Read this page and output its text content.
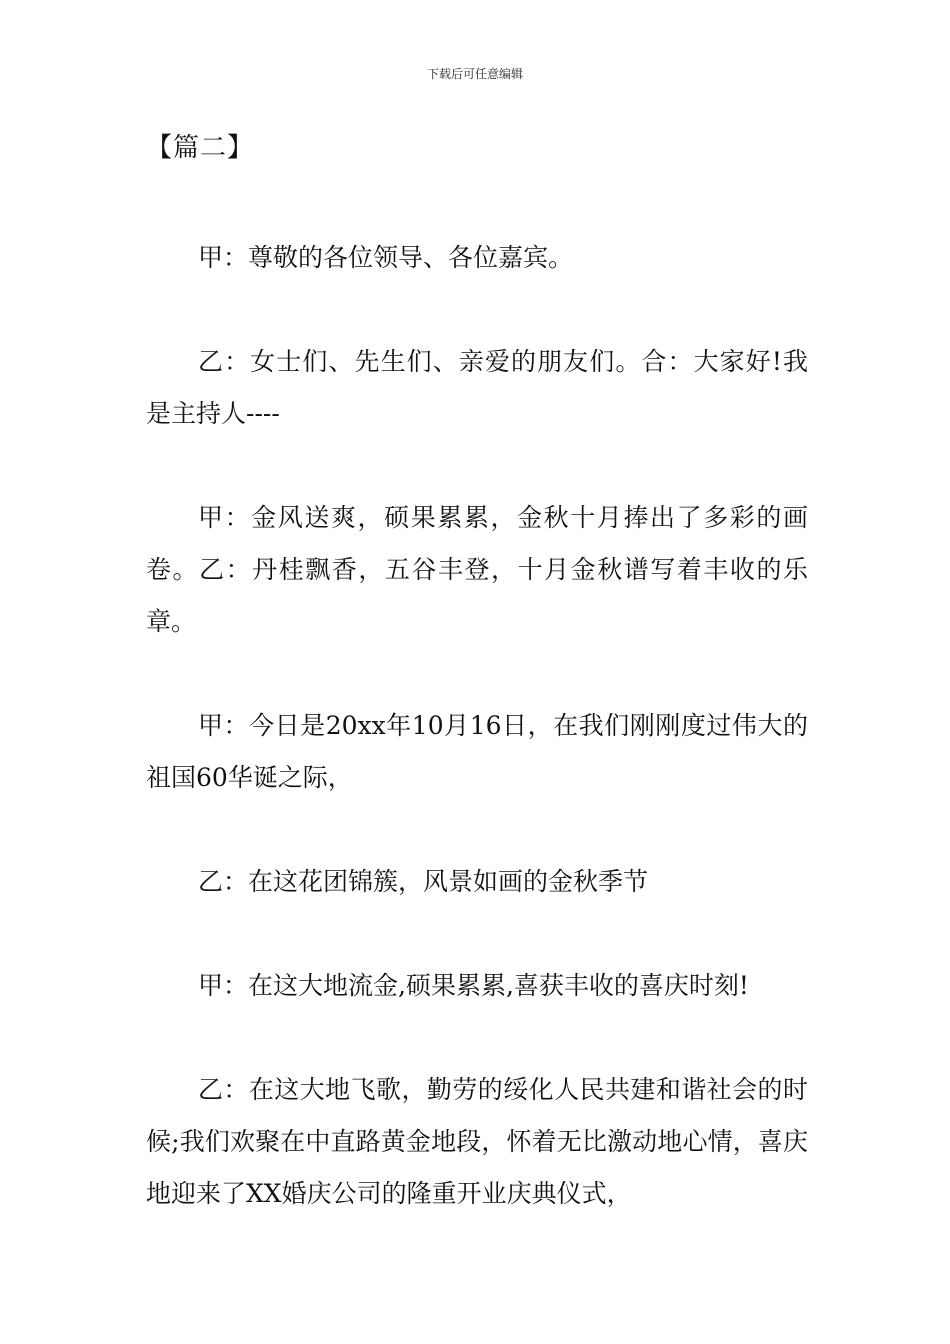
下载后可任意编辑
【篇二】

甲：尊敬的各位领导、各位嘉宾。

乙：女士们、先生们、亲爱的朋友们。合：大家好!我是主持人----

甲：金风送爽，硕果累累，金秋十月捧出了多彩的画卷。乙：丹桂飘香，五谷丰登，十月金秋谱写着丰收的乐章。

甲：今日是20xx年10月16日，在我们刚刚度过伟大的祖国60华诞之际，

乙：在这花团锦簇，风景如画的金秋季节

甲：在这大地流金,硕果累累,喜获丰收的喜庆时刻!

乙：在这大地飞歌，勤劳的绥化人民共建和谐社会的时候;我们欢聚在中直路黄金地段，怀着无比激动地心情，喜庆地迎来了XX婚庆公司的隆重开业庆典仪式，
